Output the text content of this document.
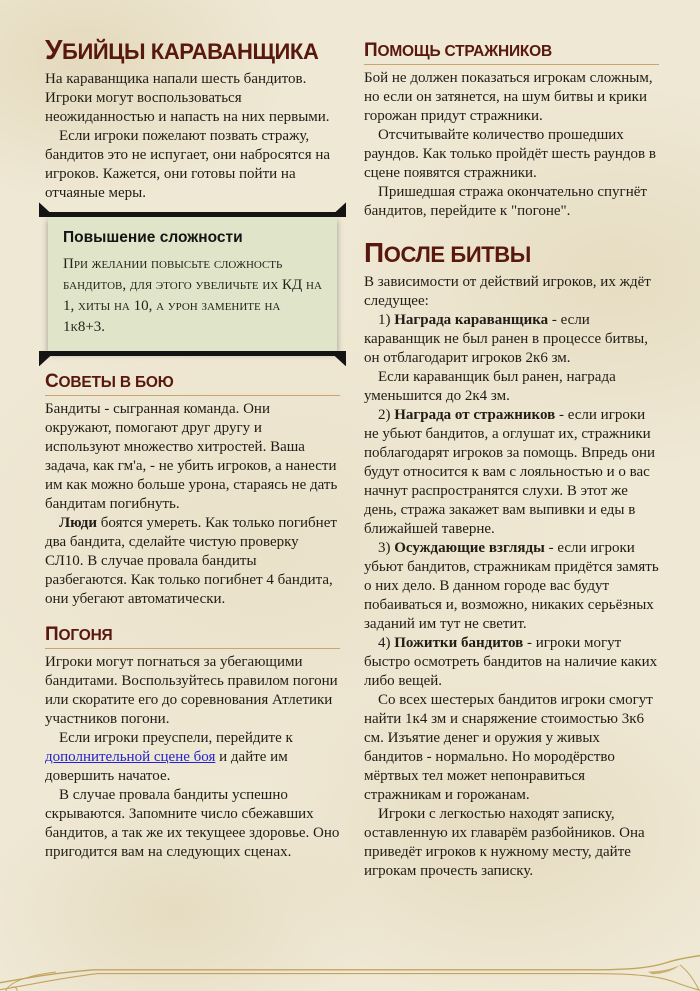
УБИЙЦЫ КАРАВАНЩИКА

На караванщика напали шесть бандитов. Игроки могут воспользоваться неожиданностью и напасть на них первыми.

Если игроки пожелают позвать стражу, бандитов это не испугает, они набросятся на игроков. Кажется, они готовы пойти на отчаяные меры.

Повышение сложности
При желании повысьте сложность бандитов, для этого увеличьте их КД на 1, хиты на 10, а урон замените на 1к8+3.
СОВЕТЫ В БОЮ

Бандиты - сыгранная команда. Они окружают, помогают друг другу и используют множество хитростей. Ваша задача, как гм'а, - не убить игроков, а нанести им как можно больше урона, стараясь не дать бандитам погибнуть.

Люди боятся умереть. Как только погибнет два бандита, сделайте чистую проверку СЛ10. В случае провала бандиты разбегаются. Как только погибнет 4 бандита, они убегают автоматически.

ПОГОНЯ

Игроки могут погнаться за убегающими бандитами. Воспользуйтесь правилом погони или скоратите его до соревнования Атлетики участников погони.

Если игроки преуспели, перейдите к дополнительной сцене боя и дайте им довершить начатое.

В случае провала бандиты успешно скрываются. Запомните число сбежавших бандитов, а так же их текущеее здоровье. Оно пригодится вам на следующих сценах.

ПОМОЩЬ СТРАЖНИКОВ

Бой не должен показаться игрокам сложным, но если он затянется, на шум битвы и крики горожан придут стражники.

Отсчитывайте количество прошедших раундов. Как только пройдёт шесть раундов в сцене появятся стражники.

Пришедшая стража окончательно спугнёт бандитов, перейдите к "погоне".

ПОСЛЕ БИТВЫ

В зависимости от действий игроков, их ждёт следущее:

1) Награда караванщика - если караванщик не был ранен в процессе битвы, он отблагодарит игроков 2к6 зм.

Если караванщик был ранен, награда уменьшится до 2к4 зм.

2) Награда от стражников - если игроки не убьют бандитов, а оглушат их, стражники поблагодарят игроков за помощь. Впредь они будут относится к вам с лояльностью и о вас начнут распространятся слухи. В этот же день, стража закажет вам выпивки и еды в ближайшей таверне.

3) Осуждающие взгляды - если игроки убьют бандитов, стражникам придётся замять о них дело. В данном городе вас будут побаиваться и, возможно, никаких серьёзных заданий им тут не светит.

4) Пожитки бандитов - игроки могут быстро осмотреть бандитов на наличие каких либо вещей.

Со всех шестерых бандитов игроки смогут найти 1к4 зм и снаряжение стоимостью 3к6 см. Изъятие денег и оружия у живых бандитов - нормально. Но мородёрство мёртвых тел может непонравиться стражникам и горожанам.

Игроки с легкостью находят записку, оставленную их главарём разбойников. Она приведёт игроков к нужному месту, дайте игрокам прочесть записку.
